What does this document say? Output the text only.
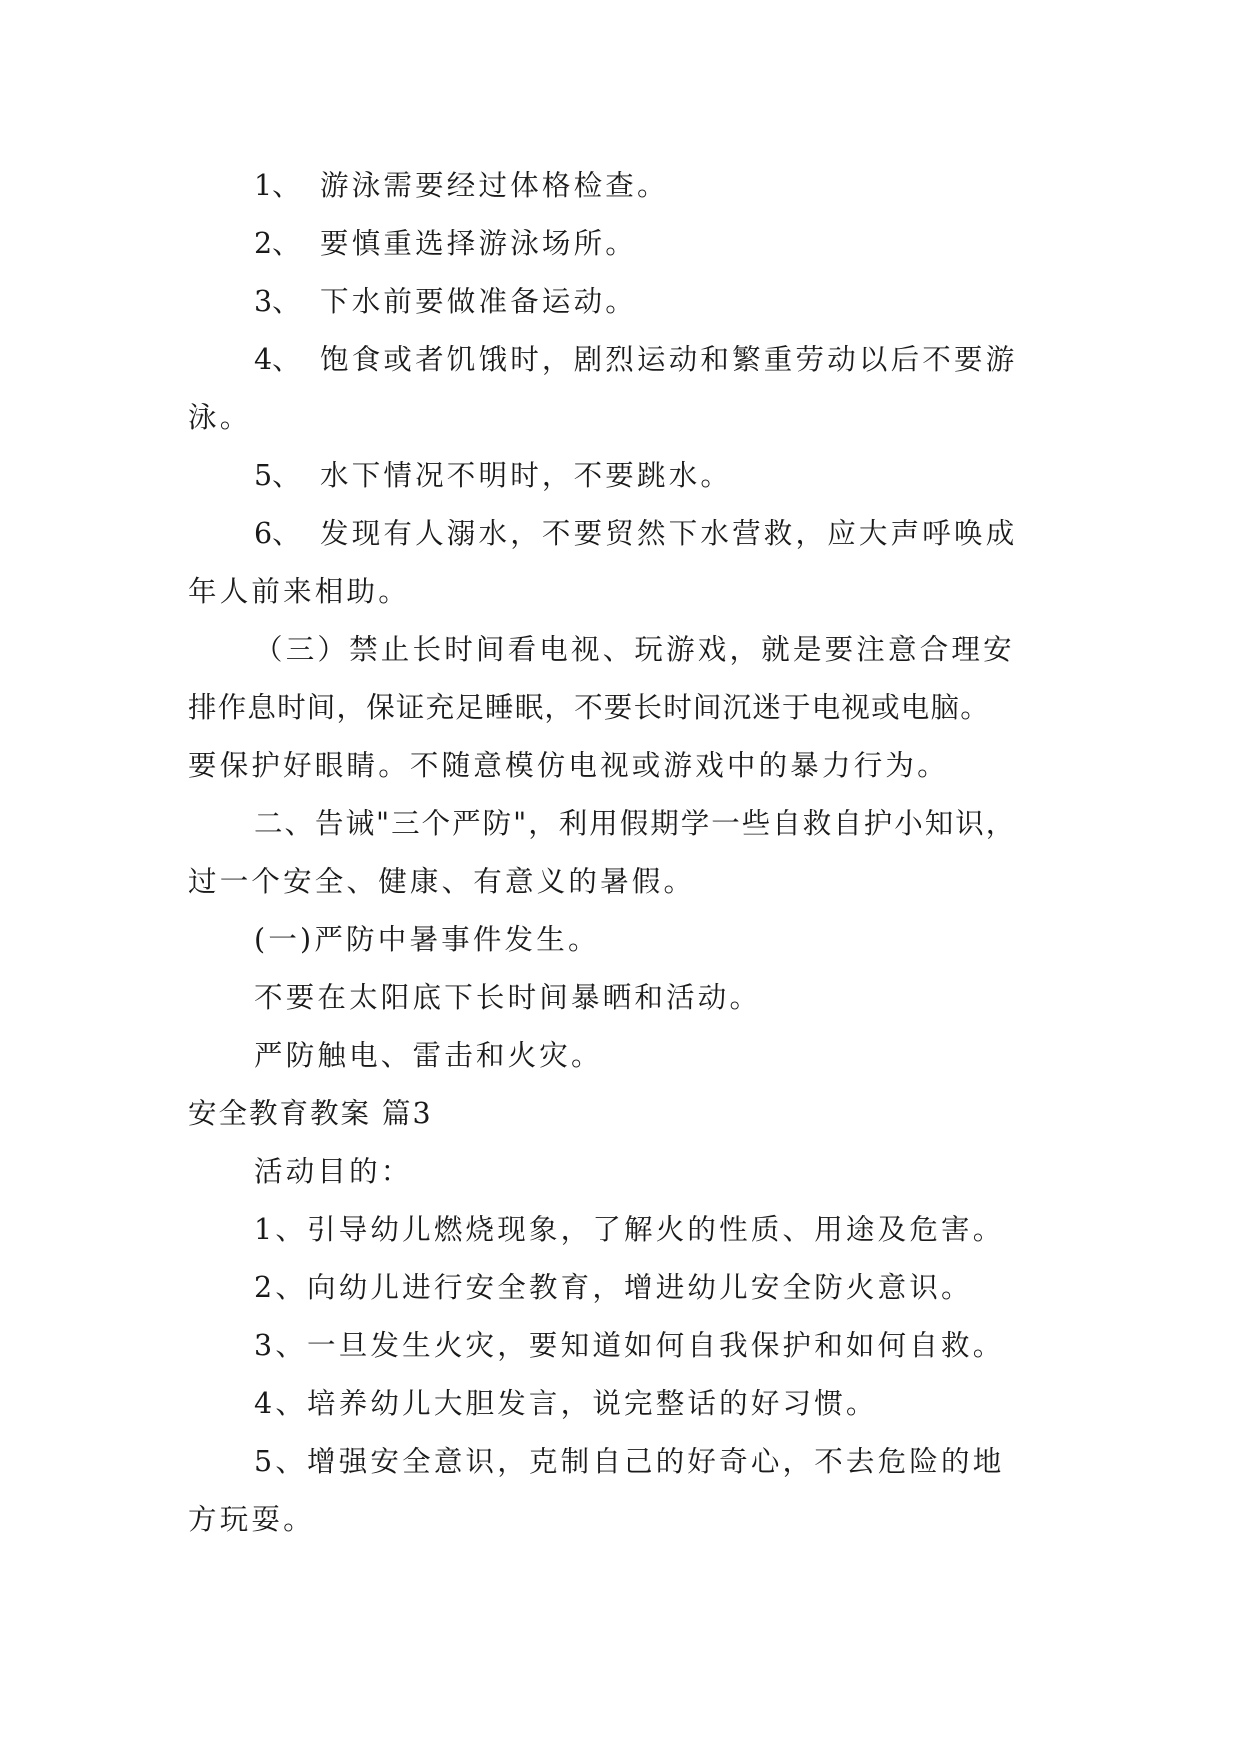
1、 游泳需要经过体格检查。
2、 要慎重选择游泳场所。
3、 下水前要做准备运动。
4、 饱食或者饥饿时，剧烈运动和繁重劳动以后不要游
泳。
5、 水下情况不明时，不要跳水。
6、 发现有人溺水，不要贸然下水营救，应大声呼唤成
年人前来相助。
（三）禁止长时间看电视、玩游戏，就是要注意合理安
排作息时间，保证充足睡眠，不要长时间沉迷于电视或电脑。
要保护好眼睛。不随意模仿电视或游戏中的暴力行为。
二、告诫"三个严防"，利用假期学一些自救自护小知识，
过一个安全、健康、有意义的暑假。
(一)严防中暑事件发生。
不要在太阳底下长时间暴晒和活动。
严防触电、雷击和火灾。
安全教育教案 篇3
活动目的：
1、引导幼儿燃烧现象，了解火的性质、用途及危害。
2、向幼儿进行安全教育，增进幼儿安全防火意识。
3、一旦发生火灾，要知道如何自我保护和如何自救。
4、培养幼儿大胆发言，说完整话的好习惯。
5、增强安全意识，克制自己的好奇心，不去危险的地
方玩耍。
